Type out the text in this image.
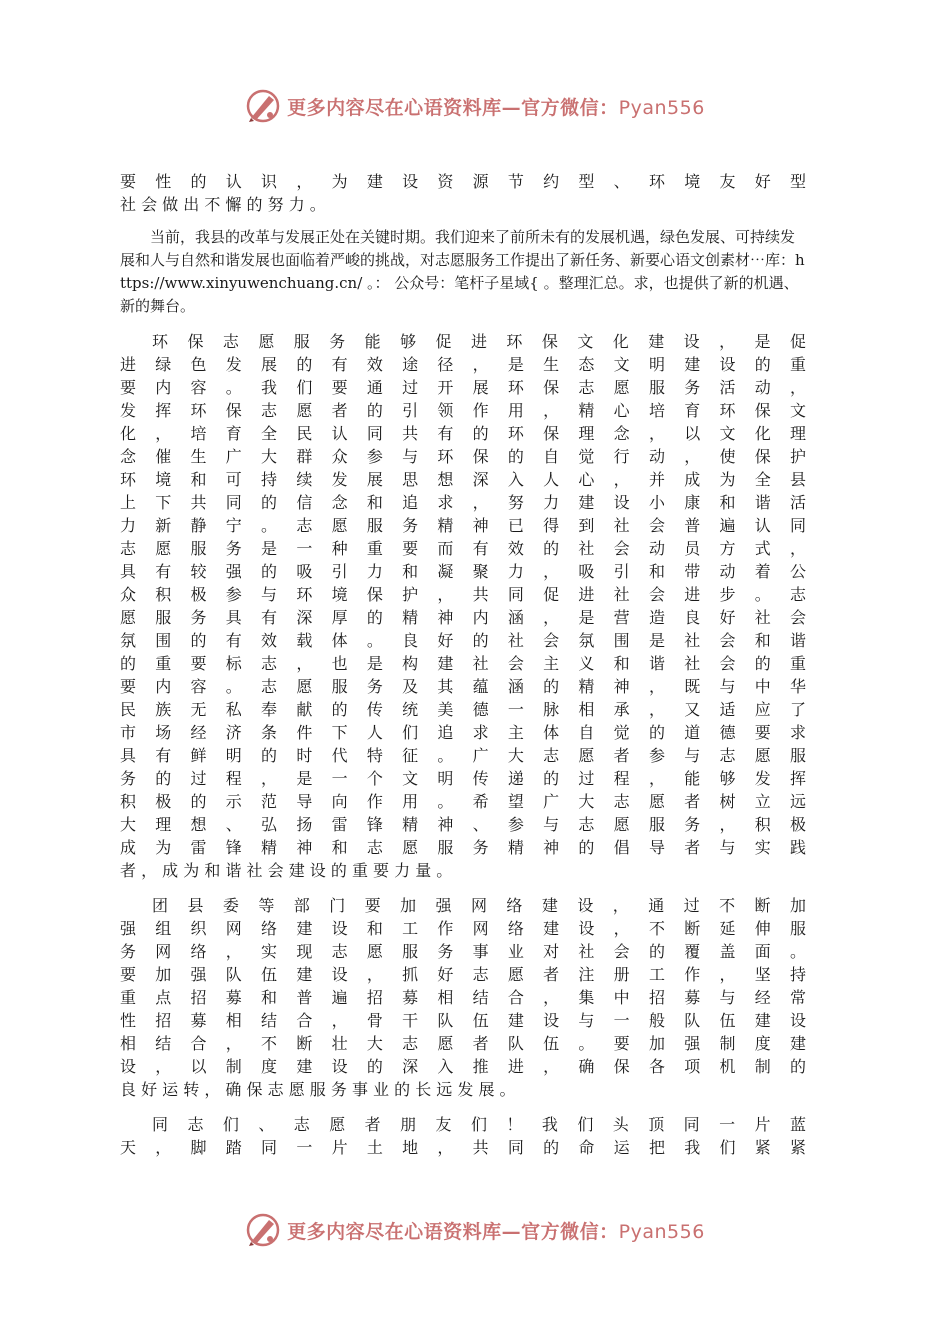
更多内容尽在心语资料库—官方微信：Pyan556
要 性 的 认 识 ， 为 建 设 资 源 节 约 型 、 环 境 友 好 型
社 会 做 出 不 懈 的 努 力 。

当前，我县的改革与发展正处在关键时期。我们迎来了前所未有的发展机遇，绿色发展、可持续发展和人与自然和谐发展也面临着严峻的挑战，对志愿服务工作提出了新任务、新要心语文创素材⋯库：https://www.xinyuwenchuang.cn/ 。： 公众号：笔杆子星域{ 。整理汇总。求，也提供了新的机遇、新的舞台。

环 保 志 愿 服 务 能 够 促 进 环 保 文 化 建 设 ， 是 促
进 绿 色 发 展 的 有 效 途 径 ， 是 生 态 文 明 建 设 的 重
要 内 容 。 我 们 要 通 过 开 展 环 保 志 愿 服 务 活 动 ，
发 挥 环 保 志 愿 者 的 引 领 作 用 ， 精 心 培 育 环 保 文
化 ， 培 育 全 民 认 同 共 有 的 环 保 理 念 ， 以 文 化 理
念 催 生 广 大 群 众 参 与 环 保 的 自 觉 行 动 ， 使 保 护
环 境 和 可 持 续 发 展 思 想 深 入 人 心 ， 并 成 为 全 县
上 下 共 同 的 信 念 和 追 求 ， 努 力 建 设 小 康 和 谐 活
力 新 静 宁 。 志 愿 服 务 精 神 已 得 到 社 会 普 遍 认 同
志 愿 服 务 是 一 种 重 要 而 有 效 的 社 会 动 员 方 式 ，
具 有 较 强 的 吸 引 力 和 凝 聚 力 ， 吸 引 和 带 动 着 公
众 积 极 参 与 环 境 保 护 ， 共 同 促 进 社 会 进 步 。 志
愿 服 务 具 有 深 厚 的 精 神 内 涵 ， 是 营 造 良 好 社 会
氛 围 的 有 效 载 体 。 良 好 的 社 会 氛 围 是 社 会 和 谐
的 重 要 标 志 ， 也 是 构 建 社 会 主 义 和 谐 社 会 的 重
要 内 容 。 志 愿 服 务 及 其 蕴 涵 的 精 神 ， 既 与 中 华
民 族 无 私 奉 献 的 传 统 美 德 一 脉 相 承 ， 又 适 应 了
市 场 经 济 条 件 下 人 们 追 求 主 体 自 觉 的 道 德 要 求
具 有 鲜 明 的 时 代 特 征 。 广 大 志 愿 者 参 与 志 愿 服
务 的 过 程 ， 是 一 个 文 明 传 递 的 过 程 ， 能 够 发 挥
积 极 的 示 范 导 向 作 用 。 希 望 广 大 志 愿 者 树 立 远
大 理 想 、 弘 扬 雷 锋 精 神 、 参 与 志 愿 服 务 ， 积 极
成 为 雷 锋 精 神 和 志 愿 服 务 精 神 的 倡 导 者 与 实 践
者 ， 成 为 和 谐 社 会 建 设 的 重 要 力 量 。
团 县 委 等 部 门 要 加 强 网 络 建 设 ， 通 过 不 断 加
强 组 织 网 络 建 设 和 工 作 网 络 建 设 ， 不 断 延 伸 服
务 网 络 ， 实 现 志 愿 服 务 事 业 对 社 会 的 覆 盖 面 。
要 加 强 队 伍 建 设 ， 抓 好 志 愿 者 注 册 工 作 ， 坚 持
重 点 招 募 和 普 遍 招 募 相 结 合 ， 集 中 招 募 与 经 常
性 招 募 相 结 合 ， 骨 干 队 伍 建 设 与 一 般 队 伍 建 设
相 结 合 ， 不 断 壮 大 志 愿 者 队 伍 。 要 加 强 制 度 建
设 ， 以 制 度 建 设 的 深 入 推 进 ， 确 保 各 项 机 制 的
良 好 运 转 ， 确 保 志 愿 服 务 事 业 的 长 远 发 展 。
同 志 们 、 志 愿 者 朋 友 们 ！ 我 们 头 顶 同 一 片 蓝
天 ， 脚 踏 同 一 片 土 地 ， 共 同 的 命 运 把 我 们 紧 紧
更多内容尽在心语资料库—官方微信：Pyan556
